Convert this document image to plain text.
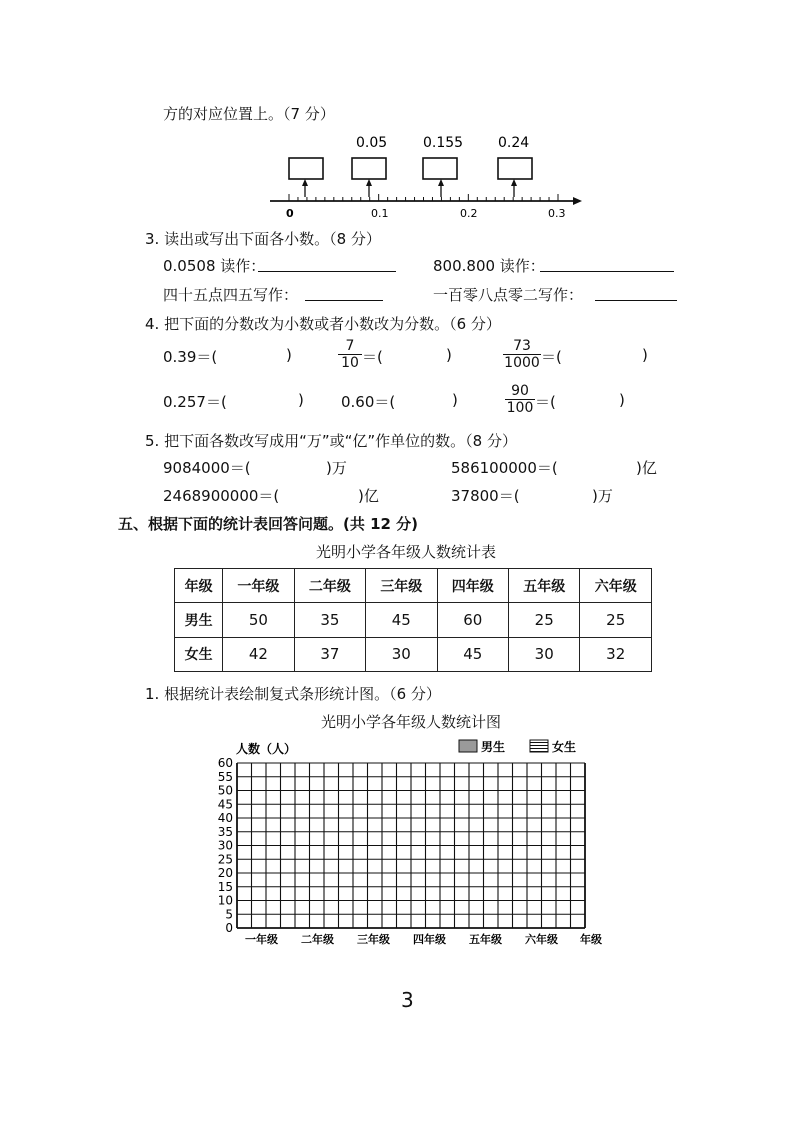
方的对应位置上。（7 分）
0.05	0.155 0.24
0	0.1	0.2	0.3
3. 读出或写出下面各小数。（8 分）
0.0508 读作：	800.800 读作：
四十五点四五写作：	一百零八点零二写作：
4. 把下面的分数改为小数或者小数改为分数。（6 分）
0.39＝(	)	$\frac{7}{10}$ ＝(	)	$\frac{73}{1000}$ ＝(	)
0.257＝(	) 0.60＝(	)	$\frac{90}{100}$ ＝(	)
5. 把下面各数改写成用“万”或“亿”作单位的数。（8 分）
9084000＝(	)万	586100000＝(	)亿
2468900000＝(	)亿	37800＝(	)万
五、根据下面的统计表回答问题。(共 12 分)
光明小学各年级人数统计表
年级	一年级	二年级	三年级	四年级	五年级	六年级
男生	50	35	45	60	25	25
女生	42	37	30	45	30	32
1. 根据统计表绘制复式条形统计图。（6 分）
光明小学各年级人数统计图
人数（人）	男生	女生
0
5
10
15
20
25
30
35
40
45
50
55
60
一年级 二年级 三年级 四年级 五年级 六年级 年级
3
